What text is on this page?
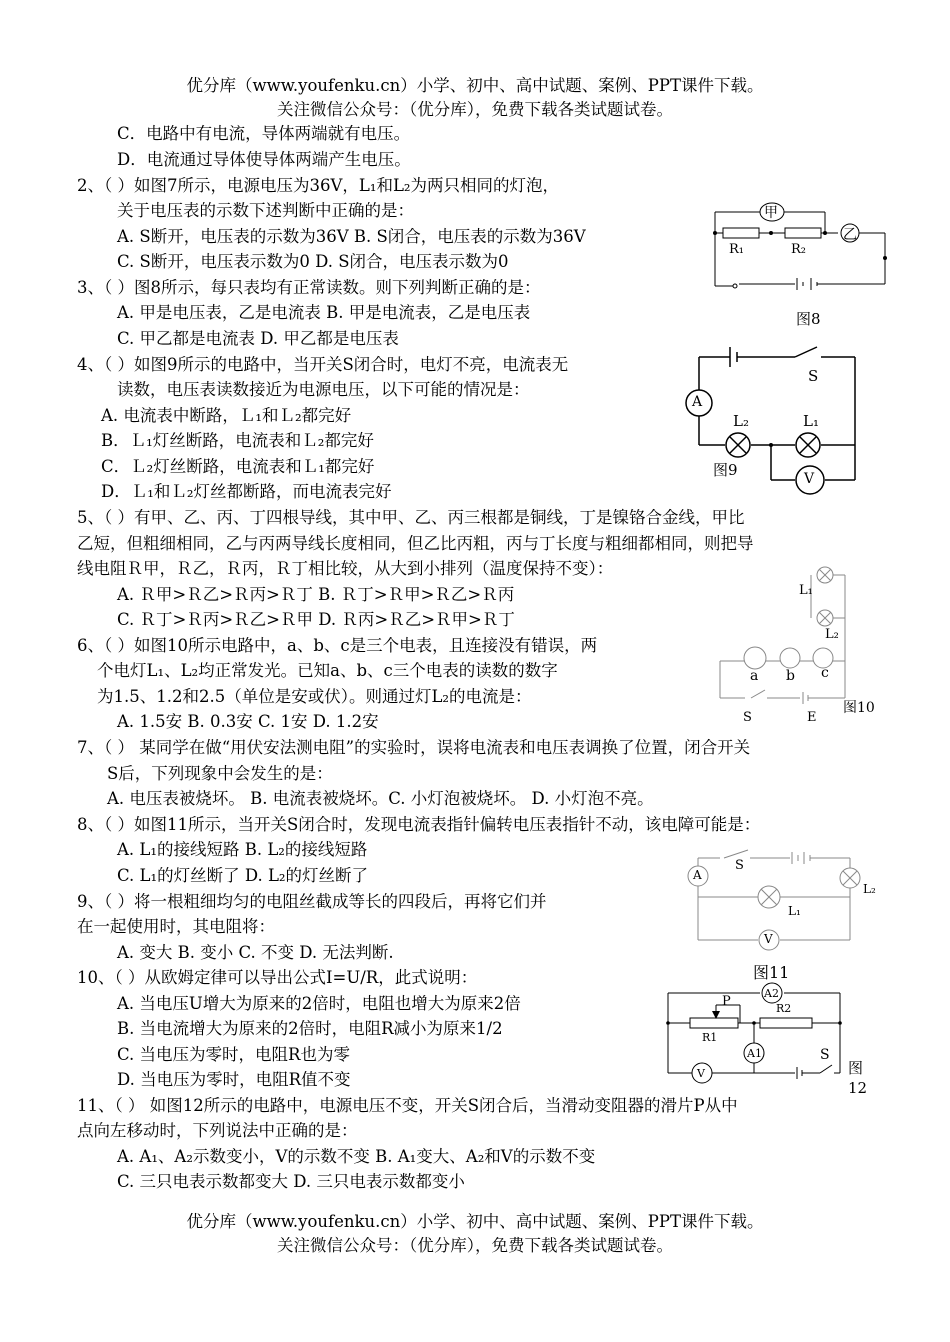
优分库（www.youfenku.cn）小学、初中、高中试题、案例、PPT课件下载。
关注微信公众号：（优分库），免费下载各类试题试卷。
C．电路中有电流，导体两端就有电压。
D．电流通过导体使导体两端产生电压。
2、（ ）如图7所示，电源电压为36V，L₁和L₂为两只相同的灯泡，
关于电压表的示数下述判断中正确的是：
A. S断开，电压表的示数为36V B. S闭合，电压表的示数为36V
C. S断开，电压表示数为0 D. S闭合，电压表示数为0
3、（ ）图8所示，每只表均有正常读数。则下列判断正确的是：
A. 甲是电压表，乙是电流表 B. 甲是电流表，乙是电压表
C. 甲乙都是电流表 D. 甲乙都是电压表
4、（ ）如图9所示的电路中，当开关S闭合时，电灯不亮，电流表无
读数，电压表读数接近为电源电压，以下可能的情况是：
A. 电流表中断路，Ｌ₁和Ｌ₂都完好
B．Ｌ₁灯丝断路，电流表和Ｌ₂都完好
C．Ｌ₂灯丝断路，电流表和Ｌ₁都完好
D．Ｌ₁和Ｌ₂灯丝都断路，而电流表完好
5、（ ）有甲、乙、丙、丁四根导线，其中甲、乙、丙三根都是铜线，丁是镍铬合金线，甲比
乙短，但粗细相同，乙与丙两导线长度相同，但乙比丙粗，丙与丁长度与粗细都相同，则把导
线电阻Ｒ甲，Ｒ乙，Ｒ丙，Ｒ丁相比较，从大到小排列（温度保持不变）：
A. Ｒ甲>Ｒ乙>Ｒ丙>Ｒ丁 B. Ｒ丁>Ｒ甲>Ｒ乙>Ｒ丙
C. Ｒ丁>Ｒ丙>Ｒ乙>Ｒ甲 D. Ｒ丙>Ｒ乙>Ｒ甲>Ｒ丁
6、（ ）如图10所示电路中，a、b、c是三个电表，且连接没有错误，两
个电灯L₁、L₂均正常发光。已知a、b、c三个电表的读数的数字
为1.5、1.2和2.5（单位是安或伏）。则通过灯L₂的电流是：
A. 1.5安 B. 0.3安 C. 1安 D. 1.2安
7、（ ） 某同学在做“用伏安法测电阻”的实验时，误将电流表和电压表调换了位置，闭合开关
S后，下列现象中会发生的是：
A. 电压表被烧坏。 B. 电流表被烧坏。C. 小灯泡被烧坏。 D. 小灯泡不亮。
8、（ ）如图11所示，当开关S闭合时，发现电流表指针偏转电压表指针不动，该电障可能是：
A. L₁的接线短路 B. L₂的接线短路
C. L₁的灯丝断了 D. L₂的灯丝断了
9、（ ）将一根粗细均匀的电阻丝截成等长的四段后，再将它们并
在一起使用时，其电阻将：
A. 变大 B. 变小 C. 不变 D. 无法判断.
10、（ ）从欧姆定律可以导出公式I=U/R，此式说明：
A. 当电压U增大为原来的2倍时，电阻也增大为原来2倍
B. 当电流增大为原来的2倍时，电阻R减小为原来1/2
C. 当电压为零时，电阻R也为零
D. 当电压为零时，电阻R值不变
11、（ ） 如图12所示的电路中，电源电压不变，开关S闭合后，当滑动变阻器的滑片P从中
点向左移动时，下列说法中正确的是：
A. A₁、A₂示数变小，V的示数不变 B. A₁变大、A₂和V的示数不变
C. 三只电表示数都变大 D. 三只电表示数都变小
优分库（www.youfenku.cn）小学、初中、高中试题、案例、PPT课件下载。
关注微信公众号：（优分库），免费下载各类试题试卷。
甲
乙
R₁	R₂
图8
A
V
S
L₂	L₁
图9
L₁
L₂
a b c
S	E
图10
A
V
S
L₁
L₂
图11
A2
A1
V
R1
R2
P
S
图
12
